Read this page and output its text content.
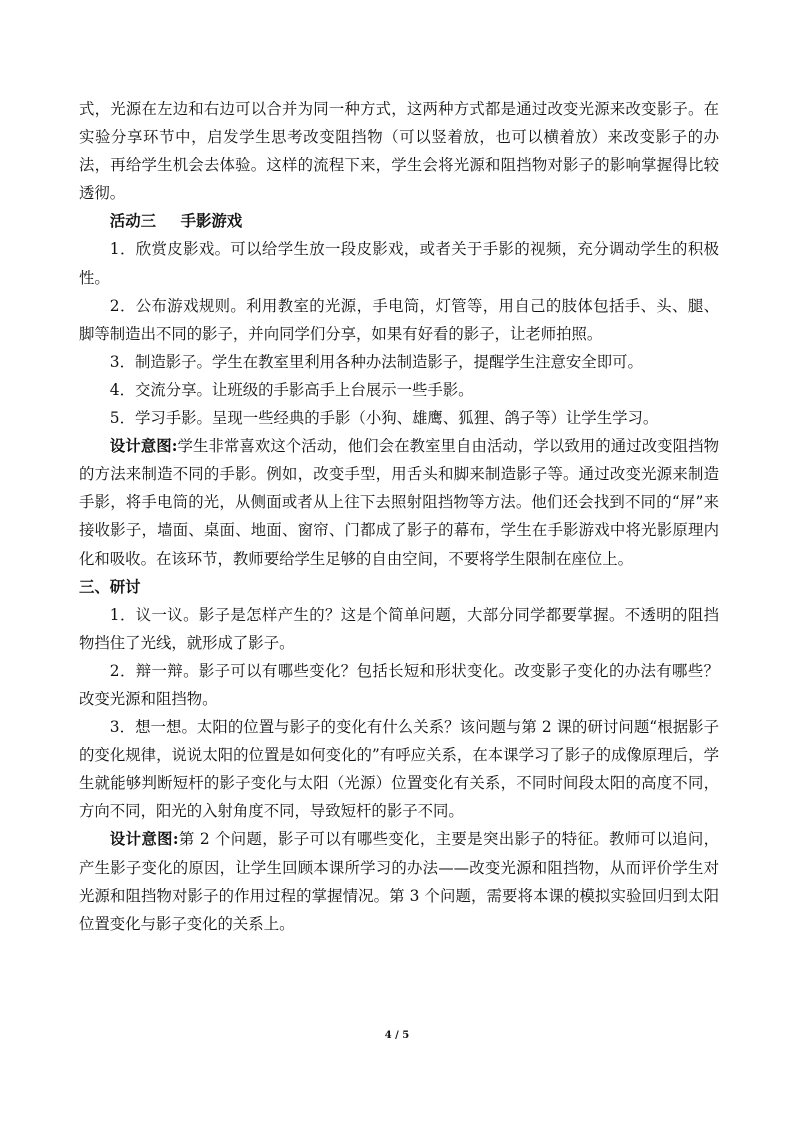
式，光源在左边和右边可以合并为同一种方式，这两种方式都是通过改变光源来改变影子。在实验分享环节中，启发学生思考改变阻挡物（可以竖着放，也可以横着放）来改变影子的办法，再给学生机会去体验。这样的流程下来，学生会将光源和阻挡物对影子的影响掌握得比较透彻。

活动三 手影游戏

1．欣赏皮影戏。可以给学生放一段皮影戏，或者关于手影的视频，充分调动学生的积极性。

2．公布游戏规则。利用教室的光源，手电筒，灯管等，用自己的肢体包括手、头、腿、脚等制造出不同的影子，并向同学们分享，如果有好看的影子，让老师拍照。

3．制造影子。学生在教室里利用各种办法制造影子，提醒学生注意安全即可。

4．交流分享。让班级的手影高手上台展示一些手影。

5．学习手影。呈现一些经典的手影（小狗、雄鹰、狐狸、鸽子等）让学生学习。

设计意图:学生非常喜欢这个活动，他们会在教室里自由活动，学以致用的通过改变阻挡物的方法来制造不同的手影。例如，改变手型，用舌头和脚来制造影子等。通过改变光源来制造手影，将手电筒的光，从侧面或者从上往下去照射阻挡物等方法。他们还会找到不同的“屏”来接收影子，墙面、桌面、地面、窗帘、门都成了影子的幕布，学生在手影游戏中将光影原理内化和吸收。在该环节，教师要给学生足够的自由空间，不要将学生限制在座位上。

三、研讨

1．议一议。影子是怎样产生的？这是个简单问题，大部分同学都要掌握。不透明的阻挡物挡住了光线，就形成了影子。

2．辩一辩。影子可以有哪些变化？包括长短和形状变化。改变影子变化的办法有哪些？改变光源和阻挡物。

3．想一想。太阳的位置与影子的变化有什么关系？该问题与第 2 课的研讨问题“根据影子的变化规律，说说太阳的位置是如何变化的”有呼应关系，在本课学习了影子的成像原理后，学生就能够判断短杆的影子变化与太阳（光源）位置变化有关系，不同时间段太阳的高度不同，方向不同，阳光的入射角度不同，导致短杆的影子不同。

设计意图:第 2 个问题，影子可以有哪些变化，主要是突出影子的特征。教师可以追问，产生影子变化的原因，让学生回顾本课所学习的办法——改变光源和阻挡物，从而评价学生对光源和阻挡物对影子的作用过程的掌握情况。第 3 个问题，需要将本课的模拟实验回归到太阳位置变化与影子变化的关系上。

4 / 5
